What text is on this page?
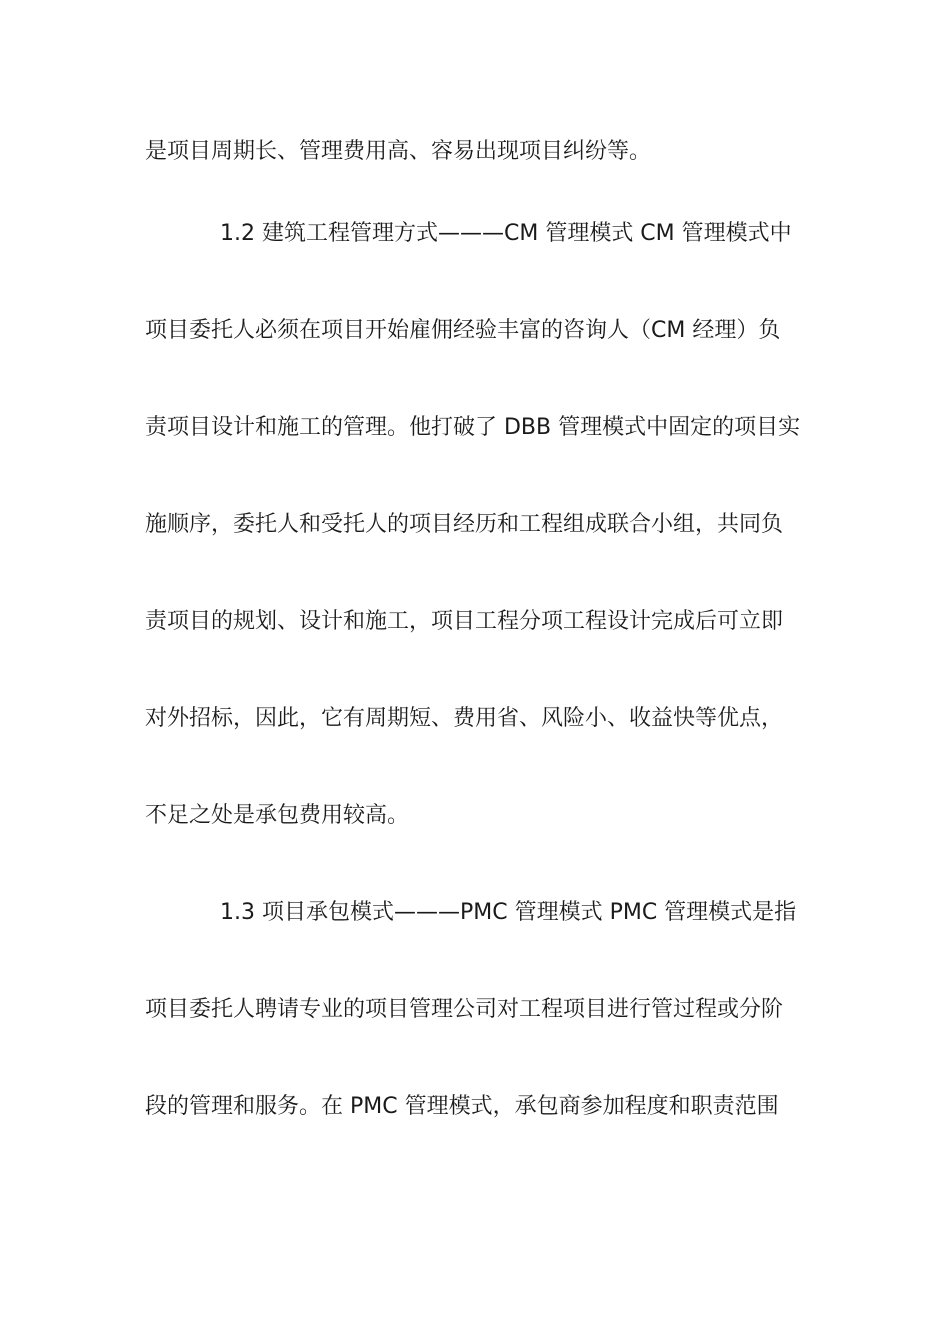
是项目周期长、管理费用高、容易出现项目纠纷等。
1.2 建筑工程管理方式———CM 管理模式 CM 管理模式中
项目委托人必须在项目开始雇佣经验丰富的咨询人（CM 经理）负
责项目设计和施工的管理。他打破了 DBB 管理模式中固定的项目实
施顺序，委托人和受托人的项目经历和工程组成联合小组，共同负
责项目的规划、设计和施工，项目工程分项工程设计完成后可立即
对外招标，因此，它有周期短、费用省、风险小、收益快等优点，
不足之处是承包费用较高。
1.3 项目承包模式———PMC 管理模式 PMC 管理模式是指
项目委托人聘请专业的项目管理公司对工程项目进行管过程或分阶
段的管理和服务。在 PMC 管理模式，承包商参加程度和职责范围
